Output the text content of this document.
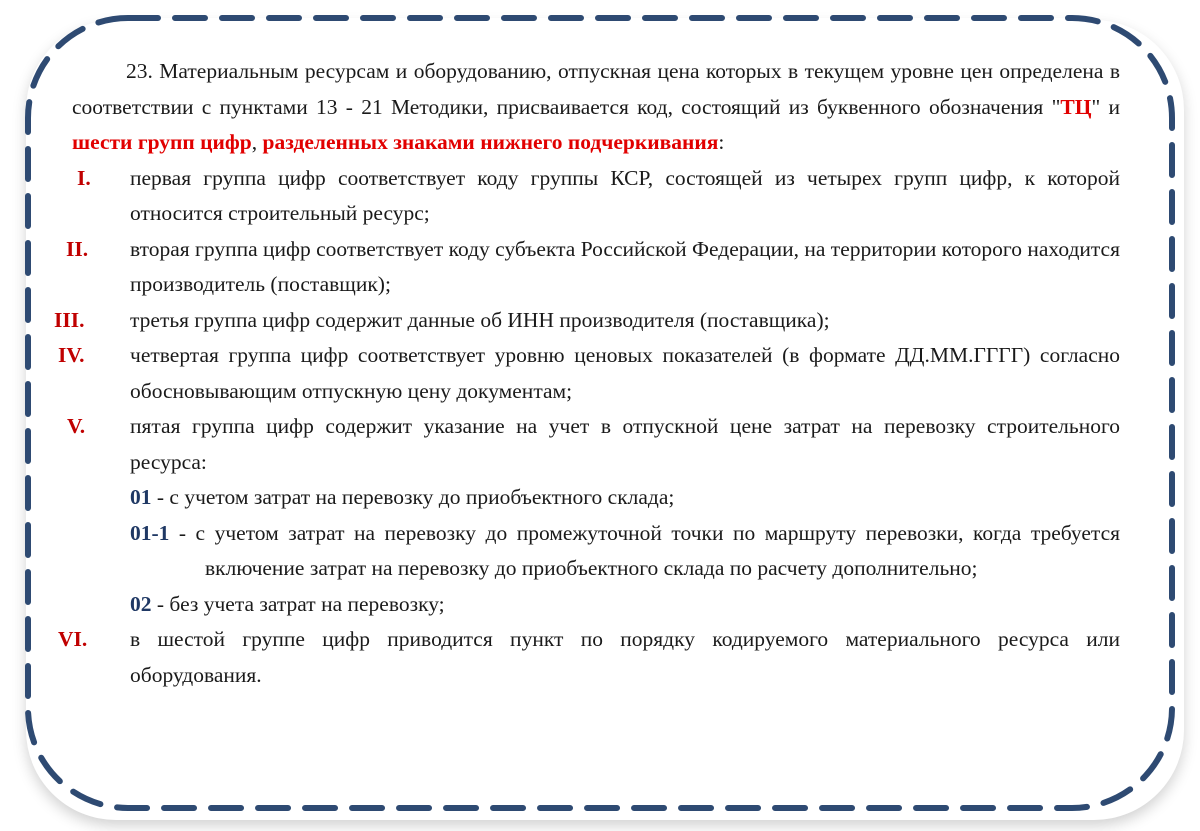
23. Материальным ресурсам и оборудованию, отпускная цена которых в текущем уровне цен определена в соответствии с пунктами 13 - 21 Методики, присваивается код, состоящий из буквенного обозначения "ТЦ" и шести групп цифр, разделенных знаками нижнего подчеркивания:

I. первая группа цифр соответствует коду группы КСР, состоящей из четырех групп цифр, к которой относится строительный ресурс;

II. вторая группа цифр соответствует коду субъекта Российской Федерации, на территории которого находится производитель (поставщик);

III. третья группа цифр содержит данные об ИНН производителя (поставщика);

IV. четвертая группа цифр соответствует уровню ценовых показателей (в формате ДД.ММ.ГГГГ) согласно обосновывающим отпускную цену документам;

V. пятая группа цифр содержит указание на учет в отпускной цене затрат на перевозку строительного ресурса:

01 - с учетом затрат на перевозку до приобъектного склада;

01-1 - с учетом затрат на перевозку до промежуточной точки по маршруту перевозки, когда требуется включение затрат на перевозку до приобъектного склада по расчету дополнительно;

02 - без учета затрат на перевозку;

VI. в шестой группе цифр приводится пункт по порядку кодируемого материального ресурса или оборудования.
